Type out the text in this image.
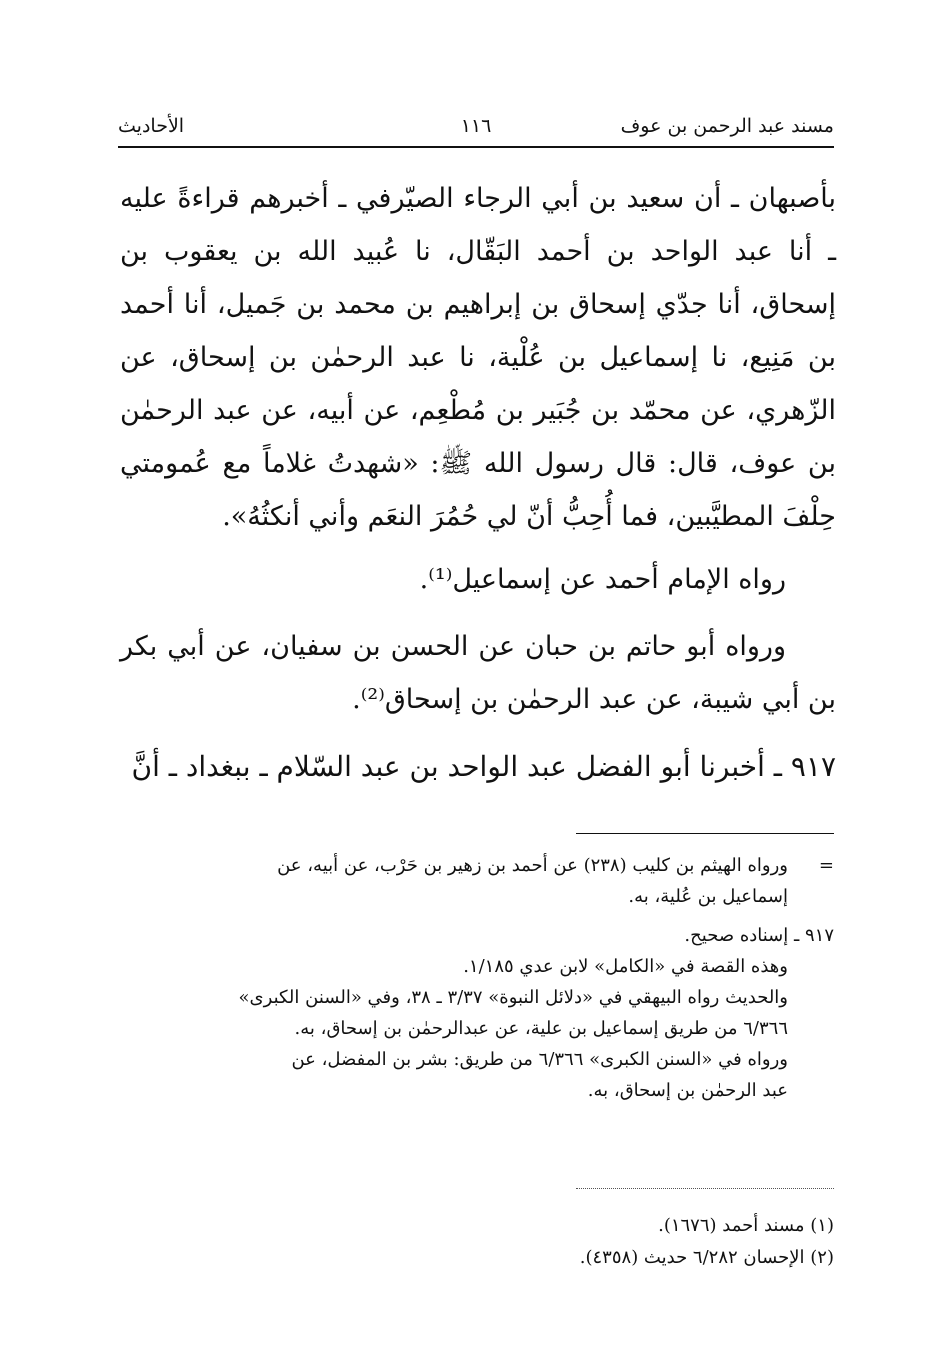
مسند عبد الرحمن بن عوف
١١٦
الأحاديث

بأصبهان ـ أن سعيد بن أبي الرجاء الصيّرفي ـ أخبرهم قراءةً عليه ـ أنا عبد الواحد بن أحمد البَقّال، نا عُبيد الله بن يعقوب بن إسحاق، أنا جدّي إسحاق بن إبراهيم بن محمد بن جَميل، أنا أحمد بن مَنِيع، نا إسماعيل بن عُلْية، نا عبد الرحمٰن بن إسحاق، عن الزّهري، عن محمّد بن جُبَير بن مُطْعِم، عن أبيه، عن عبد الرحمٰن بن عوف، قال: قال رسول الله ﷺ: «شهدتُ غلاماً مع عُمومتي حِلْفَ المطيَّبين، فما أُحِبُّ أنّ لي حُمُرَ النعَم وأني أنكثُهُ».

رواه الإمام أحمد عن إسماعيل⁽¹⁾.

ورواه أبو حاتم بن حبان عن الحسن بن سفيان، عن أبي بكر بن أبي شيبة، عن عبد الرحمٰن بن إسحاق⁽²⁾.

٩١٧ ـ أخبرنا أبو الفضل عبد الواحد بن عبد السّلام ـ ببغداد ـ أنَّ

=

ورواه الهيثم بن كليب (٢٣٨) عن أحمد بن زهير بن حَرْب، عن أبيه، عن

إسماعيل بن عُلية، به.

٩١٧ ـ إسناده صحيح.

وهذه القصة في «الكامل» لابن عدي ١/١٨٥.

والحديث رواه البيهقي في «دلائل النبوة» ٣/٣٧ ـ ٣٨، وفي «السنن الكبرى»

٦/٣٦٦ من طريق إسماعيل بن علية، عن عبدالرحمٰن بن إسحاق، به.

ورواه في «السنن الكبرى» ٦/٣٦٦ من طريق: بشر بن المفضل، عن

عبد الرحمٰن بن إسحاق، به.

(١) مسند أحمد (١٦٧٦).

(٢) الإحسان ٦/٢٨٢ حديث (٤٣٥٨).
